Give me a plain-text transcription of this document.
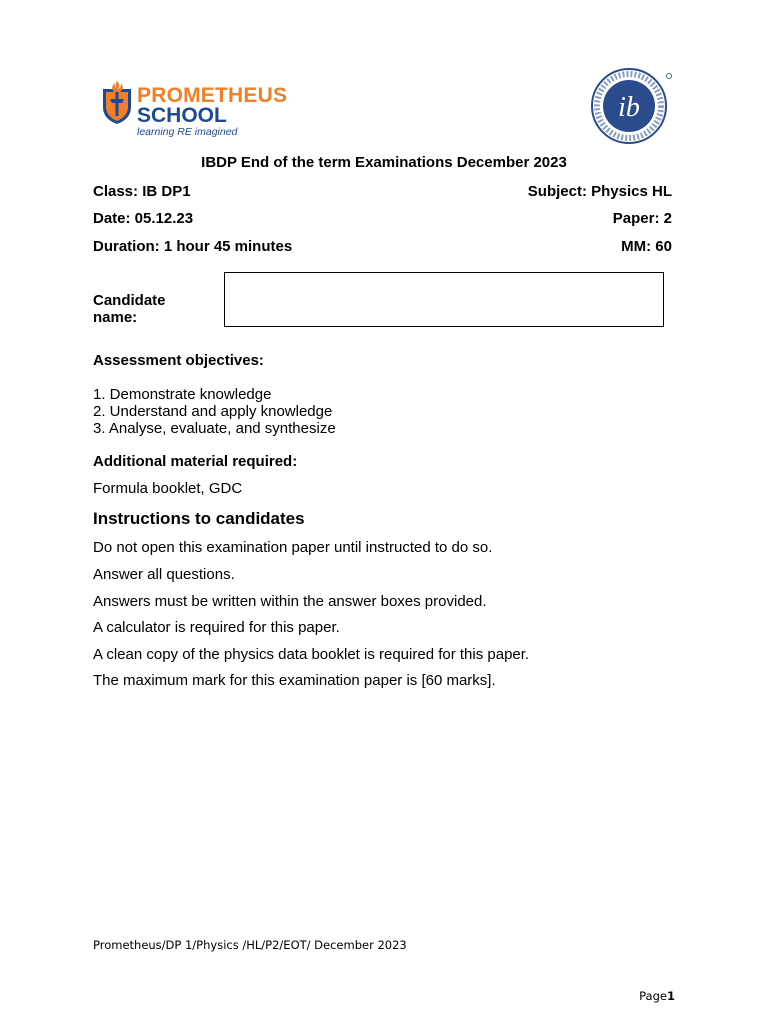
PROMETHEUS
SCHOOL
learning RE imagined
ib
IBDP End of the term Examinations December 2023
Class: IB DP1	Subject: Physics HL
Date: 05.12.23	Paper: 2
Duration: 1 hour 45 minutes	MM: 60
Candidate
name:
Assessment objectives:
1. Demonstrate knowledge
2. Understand and apply knowledge
3. Analyse, evaluate, and synthesize
Additional material required:
Formula booklet, GDC
Instructions to candidates
Do not open this examination paper until instructed to do so.
Answer all questions.
Answers must be written within the answer boxes provided.
A calculator is required for this paper.
A clean copy of the physics data booklet is required for this paper.
The maximum mark for this examination paper is [60 marks].
Prometheus/DP 1/Physics /HL/P2/EOT/ December 2023
Page1
